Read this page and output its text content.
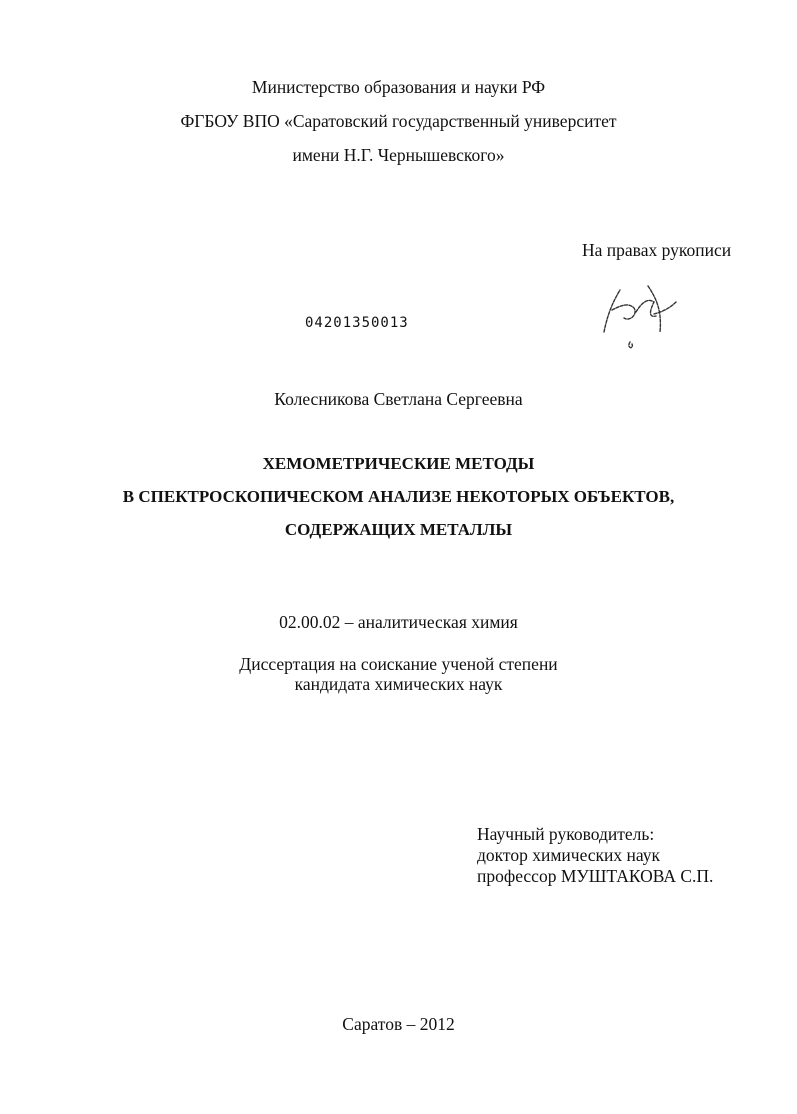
Министерство образования и науки РФ
ФГБОУ ВПО «Саратовский государственный университет
имени Н.Г. Чернышевского»
На правах рукописи
04201350013
Колесникова Светлана Сергеевна
ХЕМОМЕТРИЧЕСКИЕ МЕТОДЫ
В СПЕКТРОСКОПИЧЕСКОМ АНАЛИЗЕ НЕКОТОРЫХ ОБЪЕКТОВ,
СОДЕРЖАЩИХ МЕТАЛЛЫ
02.00.02 – аналитическая химия
Диссертация на соискание ученой степени
кандидата химических наук
Научный руководитель:
доктор химических наук
профессор МУШТАКОВА С.П.
Саратов – 2012
